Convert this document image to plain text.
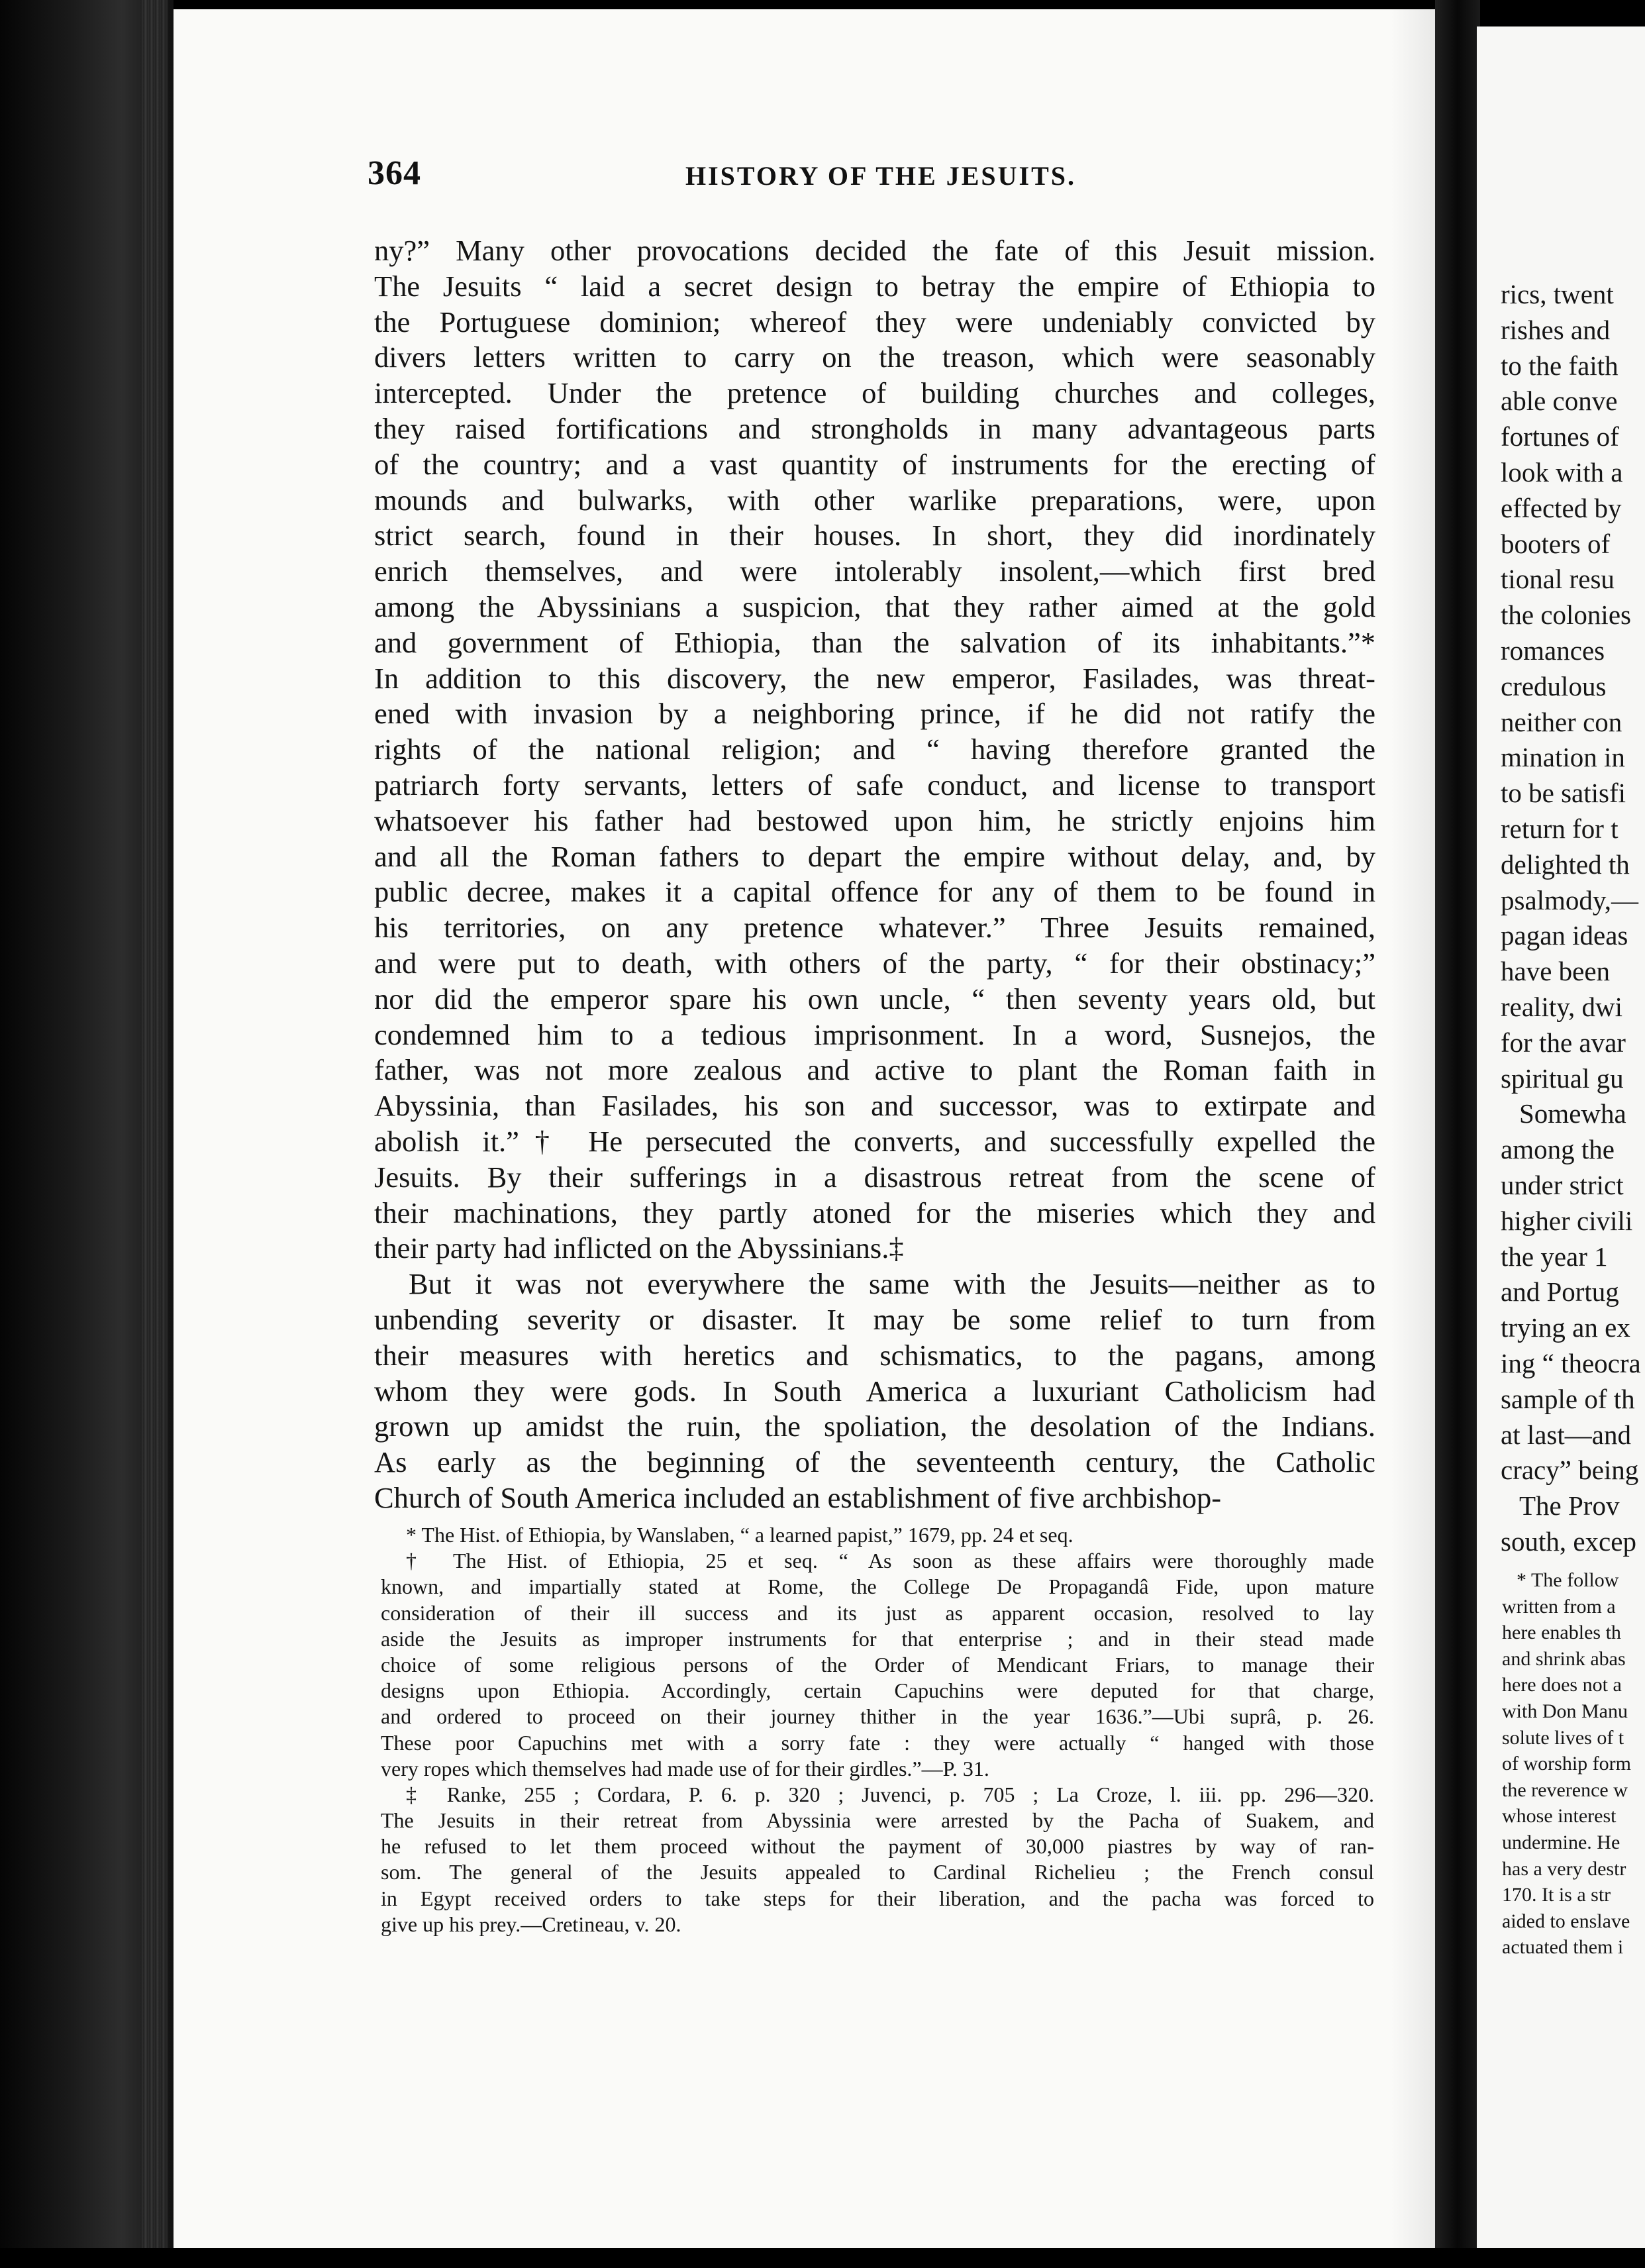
rics, twent
rishes and
to the faith
able conve
fortunes of
look with a
effected by
booters of
tional resu
the colonies
romances
credulous
neither con
mination in
to be satisfi
return for t
delighted th
psalmody,—
pagan ideas
have been
reality, dwi
for the avar
spiritual gu
Somewha
among the
under strict
higher civili
the year 1
and Portug
trying an ex
ing “ theocra
sample of th
at last—and
cracy” being
The Prov
south, excep
* The follow
written from a
here enables th
and shrink abas
here does not a
with Don Manu
solute lives of t
of worship form
the reverence w
whose interest
undermine. He
has a very destr
170. It is a str
aided to enslave
actuated them i
364	HISTORY OF THE JESUITS.
ny?” Many other provocations decided the fate of this Jesuit mission.
The Jesuits “ laid a secret design to betray the empire of Ethiopia to
the Portuguese dominion; whereof they were undeniably convicted by
divers letters written to carry on the treason, which were seasonably
intercepted. Under the pretence of building churches and colleges,
they raised fortifications and strongholds in many advantageous parts
of the country; and a vast quantity of instruments for the erecting of
mounds and bulwarks, with other warlike preparations, were, upon
strict search, found in their houses. In short, they did inordinately
enrich themselves, and were intolerably insolent,—which first bred
among the Abyssinians a suspicion, that they rather aimed at the gold
and government of Ethiopia, than the salvation of its inhabitants.”*
In addition to this discovery, the new emperor, Fasilades, was threat-
ened with invasion by a neighboring prince, if he did not ratify the
rights of the national religion; and “ having therefore granted the
patriarch forty servants, letters of safe conduct, and license to transport
whatsoever his father had bestowed upon him, he strictly enjoins him
and all the Roman fathers to depart the empire without delay, and, by
public decree, makes it a capital offence for any of them to be found in
his territories, on any pretence whatever.” Three Jesuits remained,
and were put to death, with others of the party, “ for their obstinacy;”
nor did the emperor spare his own uncle, “ then seventy years old, but
condemned him to a tedious imprisonment. In a word, Susnejos, the
father, was not more zealous and active to plant the Roman faith in
Abyssinia, than Fasilades, his son and successor, was to extirpate and
abolish it.”† He persecuted the converts, and successfully expelled the
Jesuits. By their sufferings in a disastrous retreat from the scene of
their machinations, they partly atoned for the miseries which they and
their party had inflicted on the Abyssinians.‡
But it was not everywhere the same with the Jesuits—neither as to
unbending severity or disaster. It may be some relief to turn from
their measures with heretics and schismatics, to the pagans, among
whom they were gods. In South America a luxuriant Catholicism had
grown up amidst the ruin, the spoliation, the desolation of the Indians.
As early as the beginning of the seventeenth century, the Catholic
Church of South America included an establishment of five archbishop-
* The Hist. of Ethiopia, by Wanslaben, “ a learned papist,” 1679, pp. 24 et seq.
† The Hist. of Ethiopia, 25 et seq. “ As soon as these affairs were thoroughly made
known, and impartially stated at Rome, the College De Propagandâ Fide, upon mature
consideration of their ill success and its just as apparent occasion, resolved to lay
aside the Jesuits as improper instruments for that enterprise ; and in their stead made
choice of some religious persons of the Order of Mendicant Friars, to manage their
designs upon Ethiopia. Accordingly, certain Capuchins were deputed for that charge,
and ordered to proceed on their journey thither in the year 1636.”—Ubi suprâ, p. 26.
These poor Capuchins met with a sorry fate : they were actually “ hanged with those
very ropes which themselves had made use of for their girdles.”—P. 31.
‡ Ranke, 255 ; Cordara, P. 6. p. 320 ; Juvenci, p. 705 ; La Croze, l. iii. pp. 296—320.
The Jesuits in their retreat from Abyssinia were arrested by the Pacha of Suakem, and
he refused to let them proceed without the payment of 30,000 piastres by way of ran-
som. The general of the Jesuits appealed to Cardinal Richelieu ; the French consul
in Egypt received orders to take steps for their liberation, and the pacha was forced to
give up his prey.—Cretineau, v. 20.
